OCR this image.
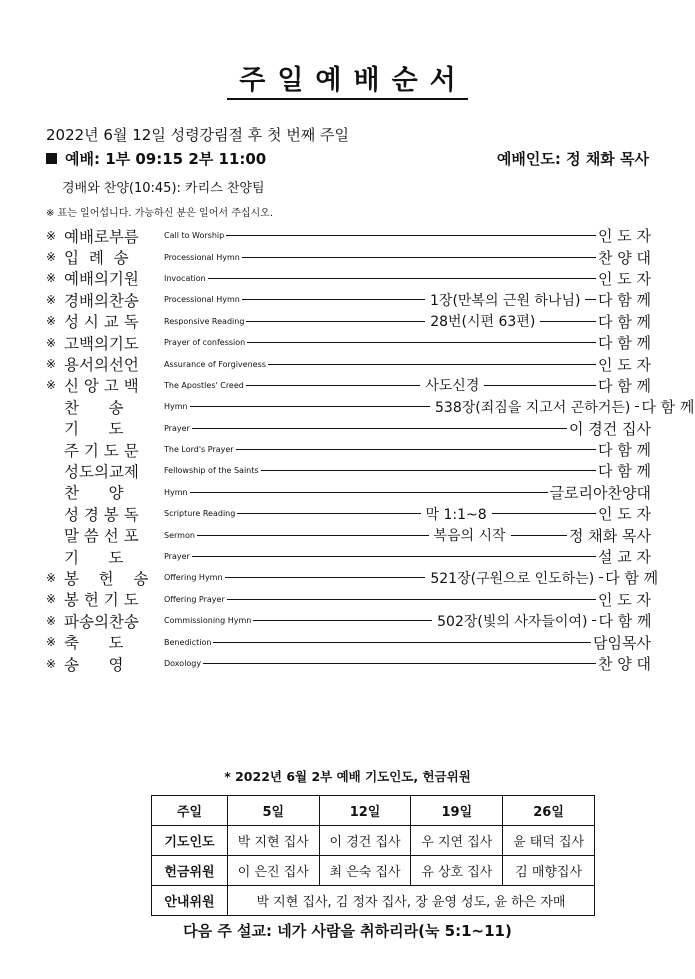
주일예배순서
2022년 6월 12일 성령강림절 후 첫 번째 주일
예배: 1부 09:15 2부 11:00	예배인도: 정 채화 목사
경배와 찬양(10:45): 카리스 찬양팀
※ 표는 일어섭니다. 가능하신 분은 일어서 주십시오.
※ 예배로부름	Call to Worship	인 도 자
※ 입  례  송	Processional Hymn	찬 양 대
※ 예배의기원	Invocation	인 도 자
※ 경배의찬송	Processional Hymn	1장(만복의 근원 하나님) 다 함 께
※ 성 시 교 독	Responsive Reading	28번(시편 63편)	다 함 께
※ 고백의기도	Prayer of confession	다 함 께
※ 용서의선언	Assurance of Forgiveness	인 도 자
※ 신 앙 고 백	The Apostles' Creed	사도신경	다 함 께
찬      송	Hymn	538장(죄짐을 지고서 곤하거든) 다 함 께
기      도	Prayer	이 경건 집사
주 기 도 문	The Lord's Prayer	다 함 께
성도의교제	Fellowship of the Saints	다 함 께
찬      양	Hymn	글로리아찬양대
성 경 봉 독	Scripture Reading	막 1:1~8	인 도 자
말 씀 선 포	Sermon	복음의 시작	정 채화 목사
기      도	Prayer	설 교 자
※ 봉    헌    송	Offering Hymn	521장(구원으로 인도하는) 다 함 께
※ 봉 헌 기 도	Offering Prayer	인 도 자
※ 파송의찬송	Commissioning Hymn	502장(빛의 사자들이여) 다 함 께
※ 축      도	Benediction	담임목사
※ 송      영	Doxology	찬 양 대
* 2022년 6월 2부 예배 기도인도, 헌금위원
주일	5일	12일	19일	26일
기도인도	박 지현 집사	이 경건 집사	우 지연 집사	윤 태덕 집사
헌금위원	이 은진 집사	최 은숙 집사	유 상호 집사	김 매향집사
안내위원	박 지현 집사, 김 정자 집사, 장 윤영 성도, 윤 하은 자매			
다음 주 설교: 네가 사람을 취하리라(눅 5:1~11)
